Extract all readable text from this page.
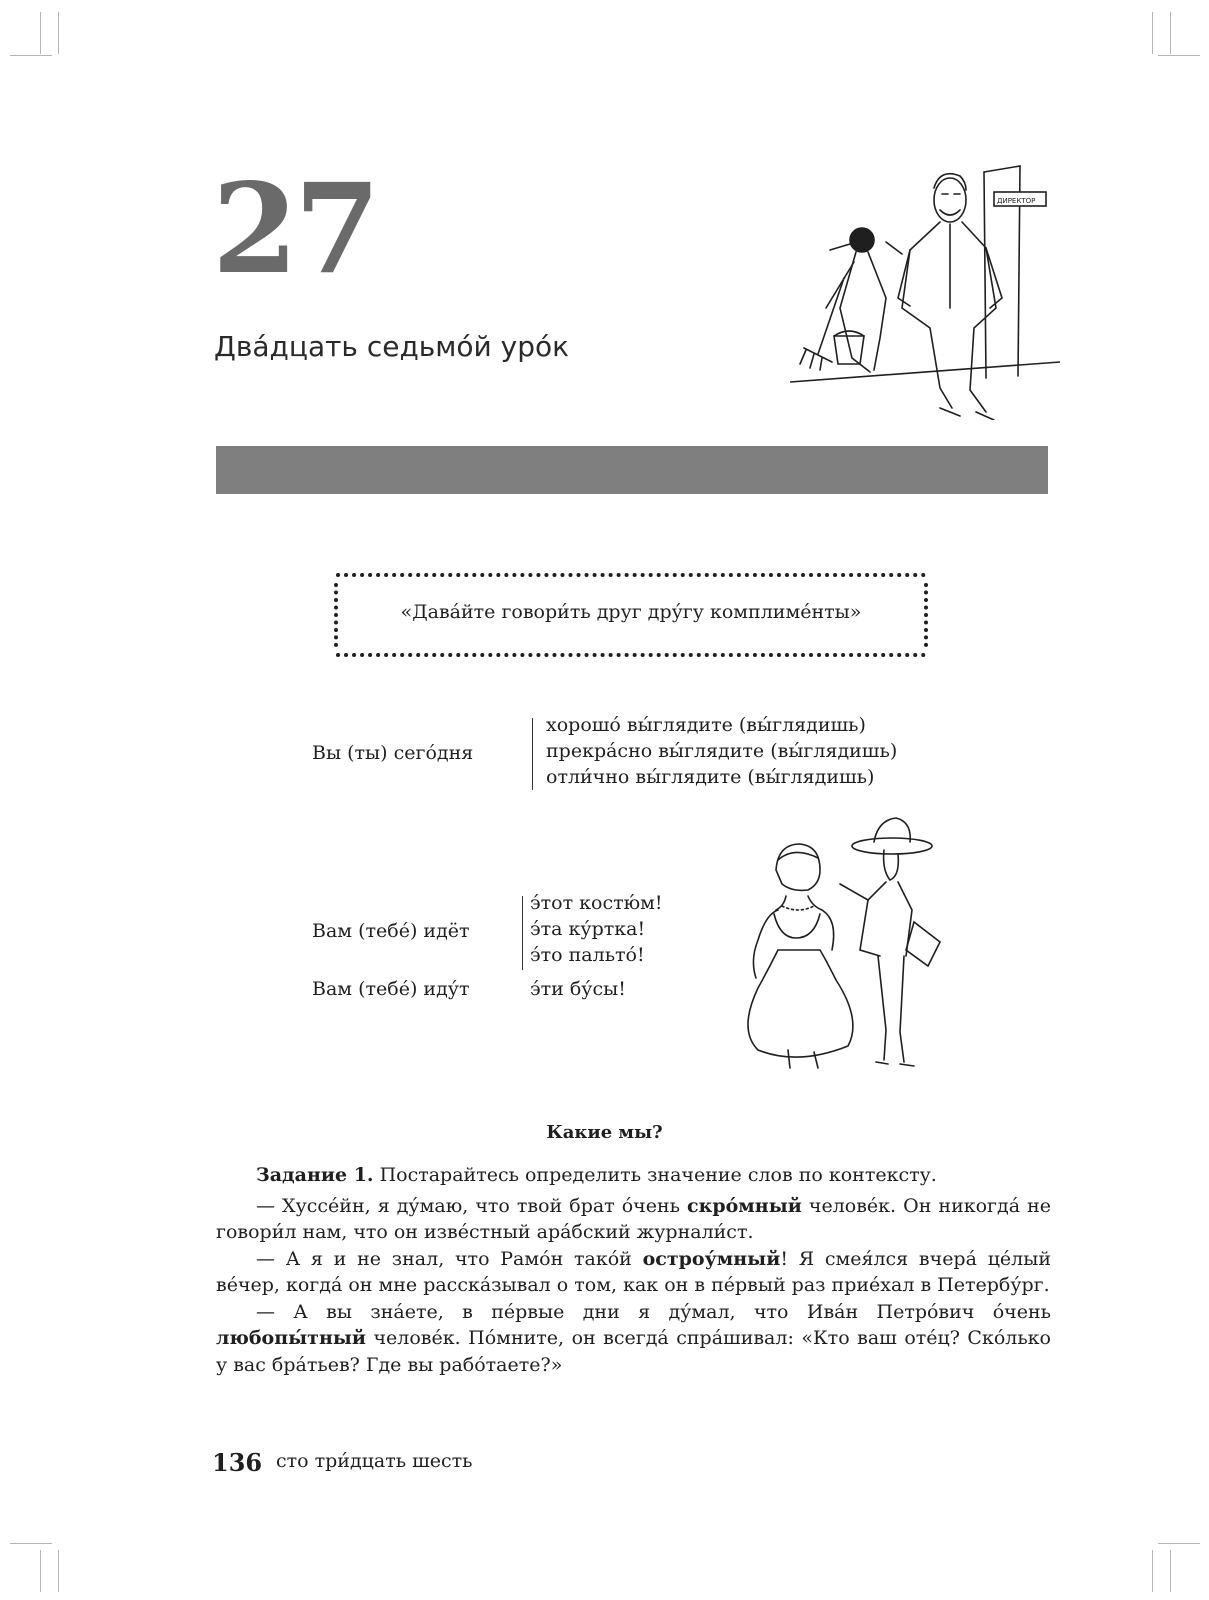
27
Два́дцать седьмо́й уро́к
ДИРЕКТОР
«Дава́йте говори́ть друг дру́гу комплиме́нты»
Вы (ты) сего́дня
хорошо́ вы́глядите (вы́глядишь)
прекра́сно вы́глядите (вы́глядишь)
отли́чно вы́глядите (вы́глядишь)
Вам (тебе́) идёт
э́тот костю́м!
э́та ку́ртка!
э́то пальто́!
Вам (тебе́) иду́т	э́ти бу́сы!
Какие мы?

Задание 1. Постарайтесь определить значение слов по контексту.

— Хуссе́йн, я ду́маю, что твой брат о́чень скро́мный челове́к. Он никогда́ не говори́л нам, что он изве́стный ара́бский журнали́ст.

— А я и не знал, что Рамо́н тако́й остроу́мный! Я смея́лся вчера́ це́лый ве́чер, когда́ он мне расска́зывал о том, как он в пе́рвый раз прие́хал в Петербу́рг.

— А вы зна́ете, в пе́рвые дни я ду́мал, что Ива́н Петро́вич о́чень любопы́тный челове́к. По́мните, он всегда́ спра́шивал: «Кто ваш оте́ц? Ско́лько у вас бра́тьев? Где вы рабо́таете?»

136 сто три́дцать шесть
